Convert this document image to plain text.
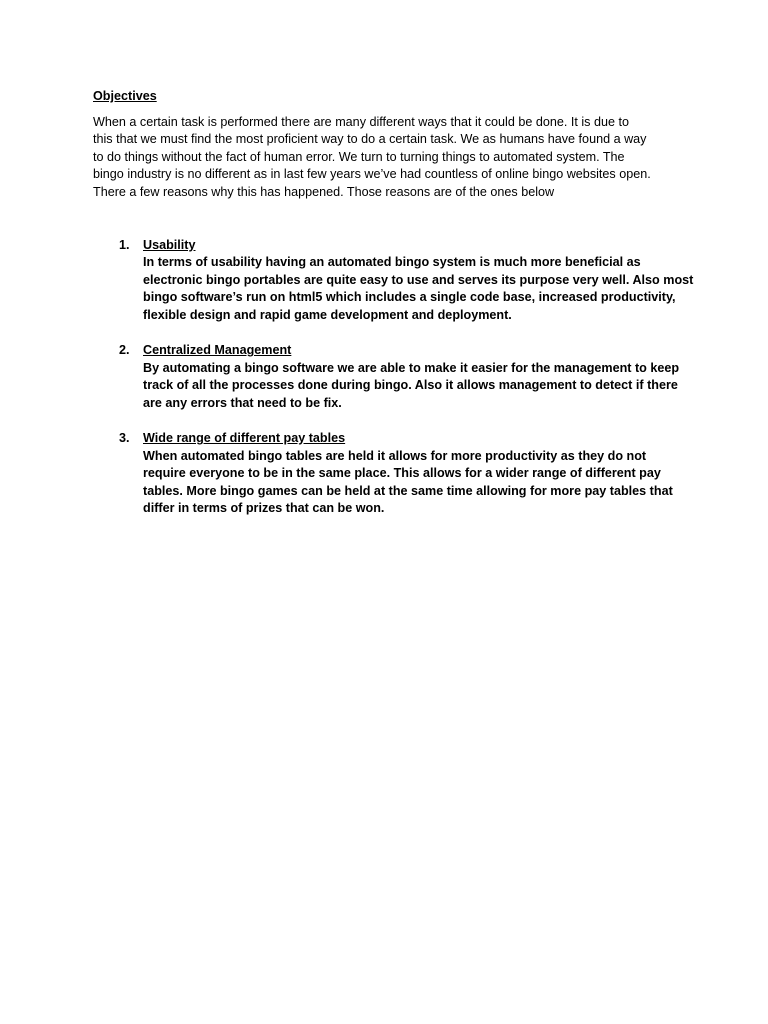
Objectives

When a certain task is performed there are many different ways that it could be done. It is due to
this that we must find the most proficient way to do a certain task. We as humans have found a way
to do things without the fact of human error. We turn to turning things to automated system. The
bingo industry is no different as in last few years we’ve had countless of online bingo websites open.
There a few reasons why this has happened. Those reasons are of the ones below

1. Usability
In terms of usability having an automated bingo system is much more beneficial as
electronic bingo portables are quite easy to use and serves its purpose very well. Also most
bingo software’s run on html5 which includes a single code base, increased productivity,
flexible design and rapid game development and deployment.
2. Centralized Management
By automating a bingo software we are able to make it easier for the management to keep
track of all the processes done during bingo. Also it allows management to detect if there
are any errors that need to be fix.
3. Wide range of different pay tables
When automated bingo tables are held it allows for more productivity as they do not
require everyone to be in the same place. This allows for a wider range of different pay
tables. More bingo games can be held at the same time allowing for more pay tables that
differ in terms of prizes that can be won.
